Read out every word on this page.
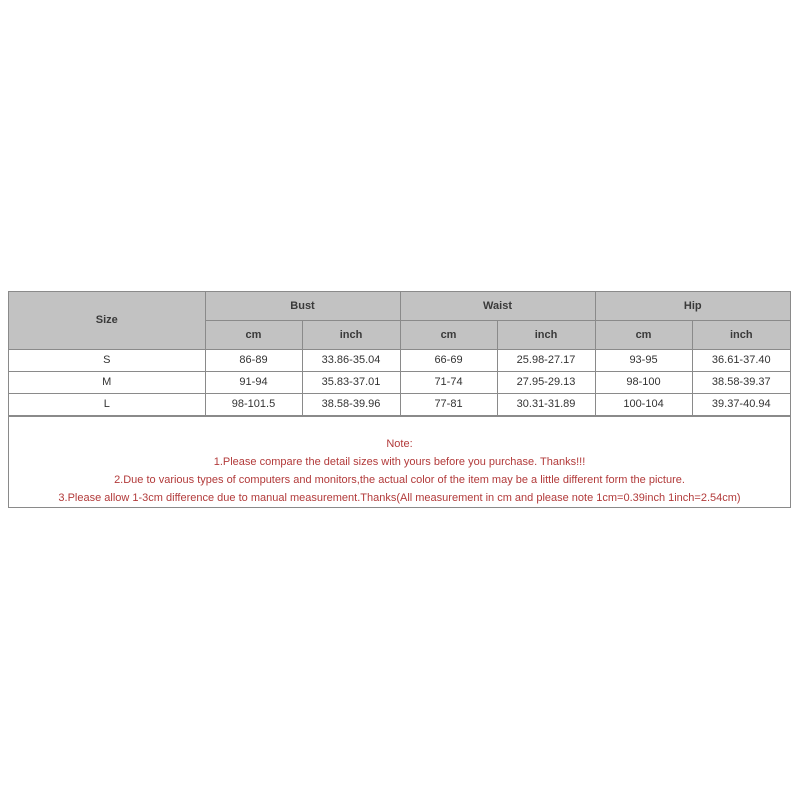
Size	Bust		Waist		Hip	
	cm	inch	cm	inch	cm	inch
S	86-89	33.86-35.04	66-69	25.98-27.17	93-95	36.61-37.40
M	91-94	35.83-37.01	71-74	27.95-29.13	98-100	38.58-39.37
L	98-101.5	38.58-39.96	77-81	30.31-31.89	100-104	39.37-40.94
Note:
1.Please compare the detail sizes with yours before you purchase. Thanks!!!
2.Due to various types of computers and monitors,the actual color of the item may be a little different form the picture.
3.Please allow 1-3cm difference due to manual measurement.Thanks(All measurement in cm and please note 1cm=0.39inch 1inch=2.54cm)
